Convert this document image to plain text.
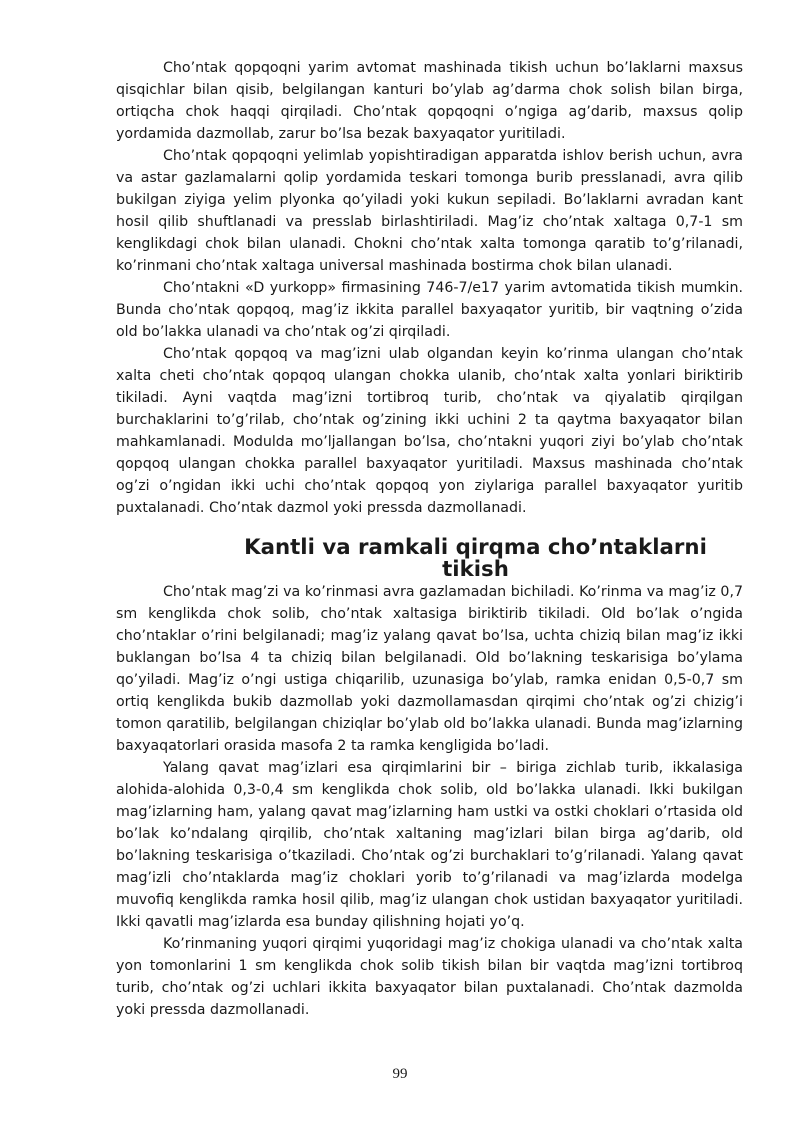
Cho’ntak qopqoqni yarim avtomat mashinada tikish uchun bo’laklarni maxsus qisqichlar bilan qisib, belgilangan kanturi bo’ylab ag’darma chok solish bilan birga, ortiqcha chok haqqi qirqiladi. Cho’ntak qopqoqni o’ngiga ag’darib, maxsus qolip yordamida dazmollab, zarur bo’lsa bezak baxyaqator yuritiladi.

Cho’ntak qopqoqni yelimlab yopishtiradigan apparatda ishlov berish uchun, avra va astar gazlamalarni qolip yordamida teskari tomonga burib presslanadi, avra qilib bukilgan ziyiga yelim plyonka qo’yiladi yoki kukun sepiladi. Bo’laklarni avradan kant hosil qilib shuftlanadi va presslab birlashtiriladi. Mag’iz cho’ntak xaltaga 0,7-1 sm kenglikdagi chok bilan ulanadi. Chokni cho’ntak xalta tomonga qaratib to’g’rilanadi, ko’rinmani cho’ntak xaltaga universal mashinada bostirma chok bilan ulanadi.

Cho’ntakni «D yurkopp» firmasining 746-7/e17 yarim avtomatida tikish mumkin. Bunda cho’ntak qopqoq, mag’iz ikkita parallel baxyaqator yuritib, bir vaqtning o’zida old bo’lakka ulanadi va cho’ntak og’zi qirqiladi.

Cho’ntak qopqoq va mag’izni ulab olgandan keyin ko’rinma ulangan cho’ntak xalta cheti cho’ntak qopqoq ulangan chokka ulanib, cho’ntak xalta yonlari biriktirib tikiladi. Ayni vaqtda mag’izni tortibroq turib, cho’ntak va qiyalatib qirqilgan burchaklarini to’g’rilab, cho’ntak og’zining ikki uchini 2 ta qaytma baxyaqator bilan mahkamlanadi. Modulda mo’ljallangan bo’lsa, cho’ntakni yuqori ziyi bo’ylab cho’ntak qopqoq ulangan chokka parallel baxyaqator yuritiladi. Maxsus mashinada cho’ntak og’zi o’ngidan ikki uchi cho’ntak qopqoq yon ziylariga parallel baxyaqator yuritib puxtalanadi. Cho’ntak dazmol yoki pressda dazmollanadi.

Kantli va ramkali qirqma cho’ntaklarni tikish

Cho’ntak mag’zi va ko’rinmasi avra gazlamadan bichiladi. Ko’rinma va mag’iz 0,7 sm kenglikda chok solib, cho’ntak xaltasiga biriktirib tikiladi. Old bo’lak o’ngida cho’ntaklar o’rini belgilanadi; mag’iz yalang qavat bo’lsa, uchta chiziq bilan mag’iz ikki buklangan bo’lsa 4 ta chiziq bilan belgilanadi. Old bo’lakning teskarisiga bo’ylama qo’yiladi. Mag’iz o’ngi ustiga chiqarilib, uzunasiga bo’ylab, ramka enidan 0,5-0,7 sm ortiq kenglikda bukib dazmollab yoki dazmollamasdan qirqimi cho’ntak og’zi chizig’i tomon qaratilib, belgilangan chiziqlar bo’ylab old bo’lakka ulanadi. Bunda mag’izlarning baxyaqatorlari orasida masofa 2 ta ramka kengligida bo’ladi.

Yalang qavat mag’izlari esa qirqimlarini bir – biriga zichlab turib, ikkalasiga alohida-alohida 0,3-0,4 sm kenglikda chok solib, old bo’lakka ulanadi. Ikki bukilgan mag’izlarning ham, yalang qavat mag’izlarning ham ustki va ostki choklari o’rtasida old bo’lak ko’ndalang qirqilib, cho’ntak xaltaning mag’izlari bilan birga ag’darib, old bo’lakning teskarisiga o’tkaziladi. Cho’ntak og’zi burchaklari to’g’rilanadi. Yalang qavat mag’izli cho’ntaklarda mag’iz choklari yorib to’g’rilanadi va mag’izlarda modelga muvofiq kenglikda ramka hosil qilib, mag’iz ulangan chok ustidan baxyaqator yuritiladi. Ikki qavatli mag’izlarda esa bunday qilishning hojati yo’q.

Ko’rinmaning yuqori qirqimi yuqoridagi mag’iz chokiga ulanadi va cho’ntak xalta yon tomonlarini 1 sm kenglikda chok solib tikish bilan bir vaqtda mag’izni tortibroq turib, cho’ntak og’zi uchlari ikkita baxyaqator bilan puxtalanadi. Cho’ntak dazmolda yoki pressda dazmollanadi.

99
